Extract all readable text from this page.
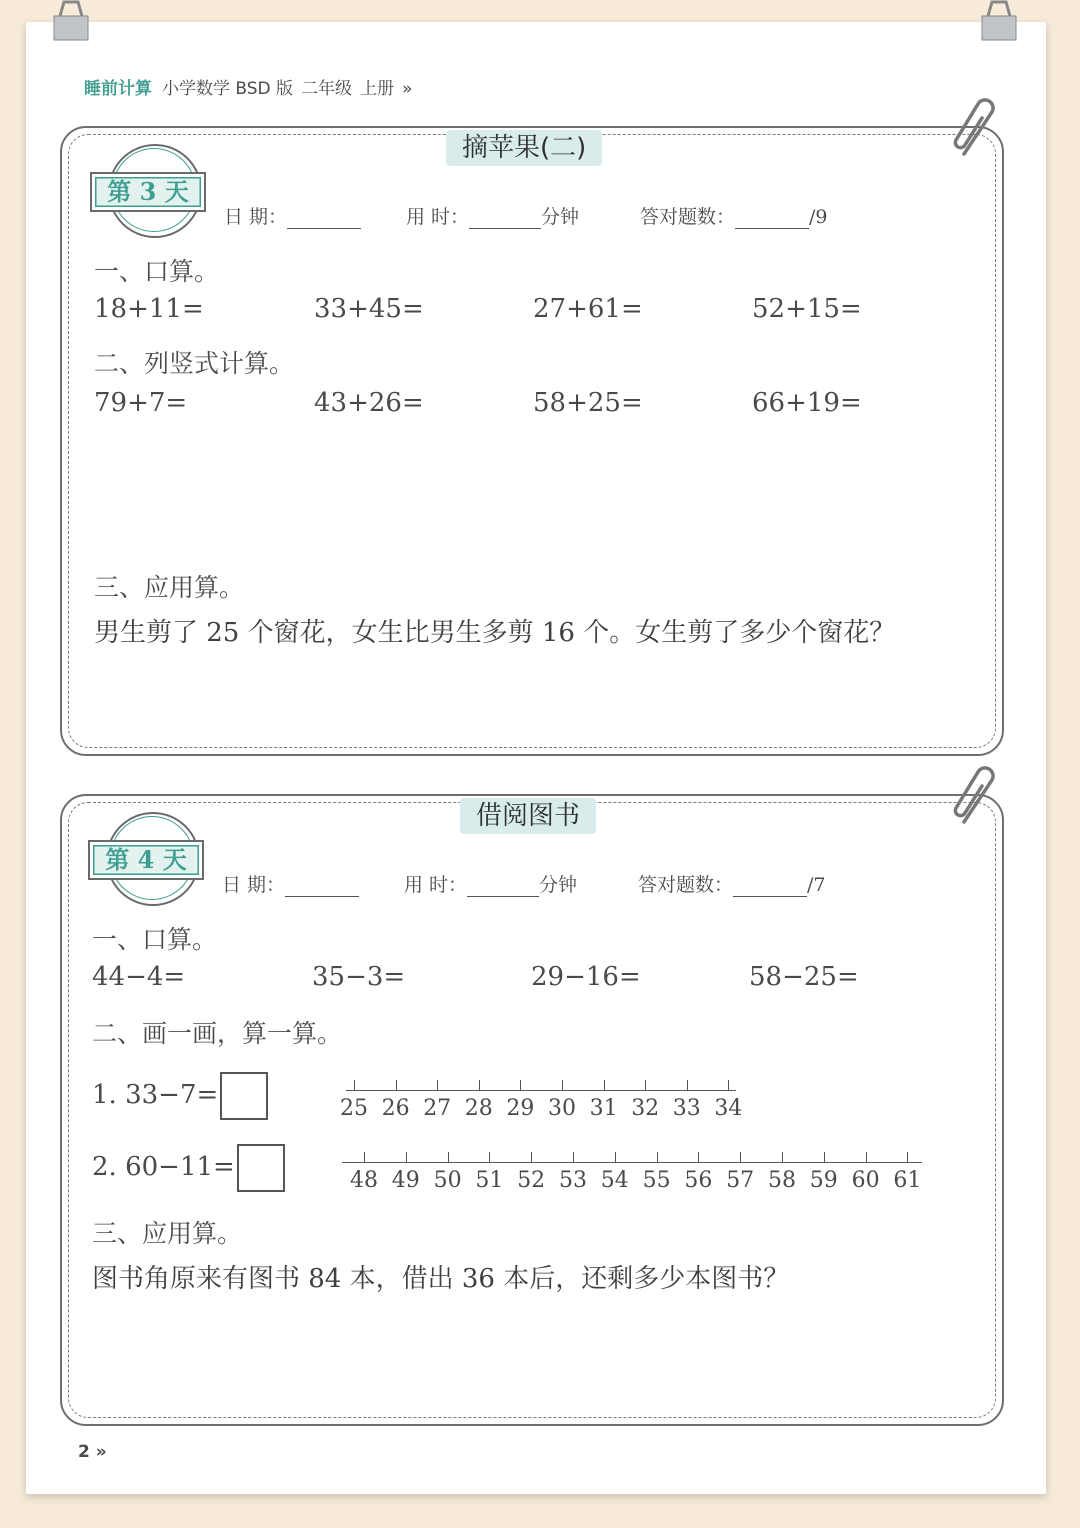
睡前计算 小学数学 BSD 版 二年级 上册 »
摘苹果(二)
第 3 天
日 期：	用 时：	分钟	答对题数：	/9
一、口算。
18+11=	33+45=	27+61=	52+15=
二、列竖式计算。
79+7=	43+26=	58+25=	66+19=
三、应用算。
男生剪了 25 个窗花，女生比男生多剪 16 个。女生剪了多少个窗花？
借阅图书
第 4 天
日 期：	用 时：	分钟	答对题数：	/7
一、口算。
44−4=	35−3=	29−16=	58−25=
二、画一画，算一算。
1. 33−7=	25 26 27 28 29 30 31 32 33 34
2. 60−11=	48 49 50 51 52 53 54 55 56 57 58 59 60 61
三、应用算。
图书角原来有图书 84 本，借出 36 本后，还剩多少本图书？
2 »
